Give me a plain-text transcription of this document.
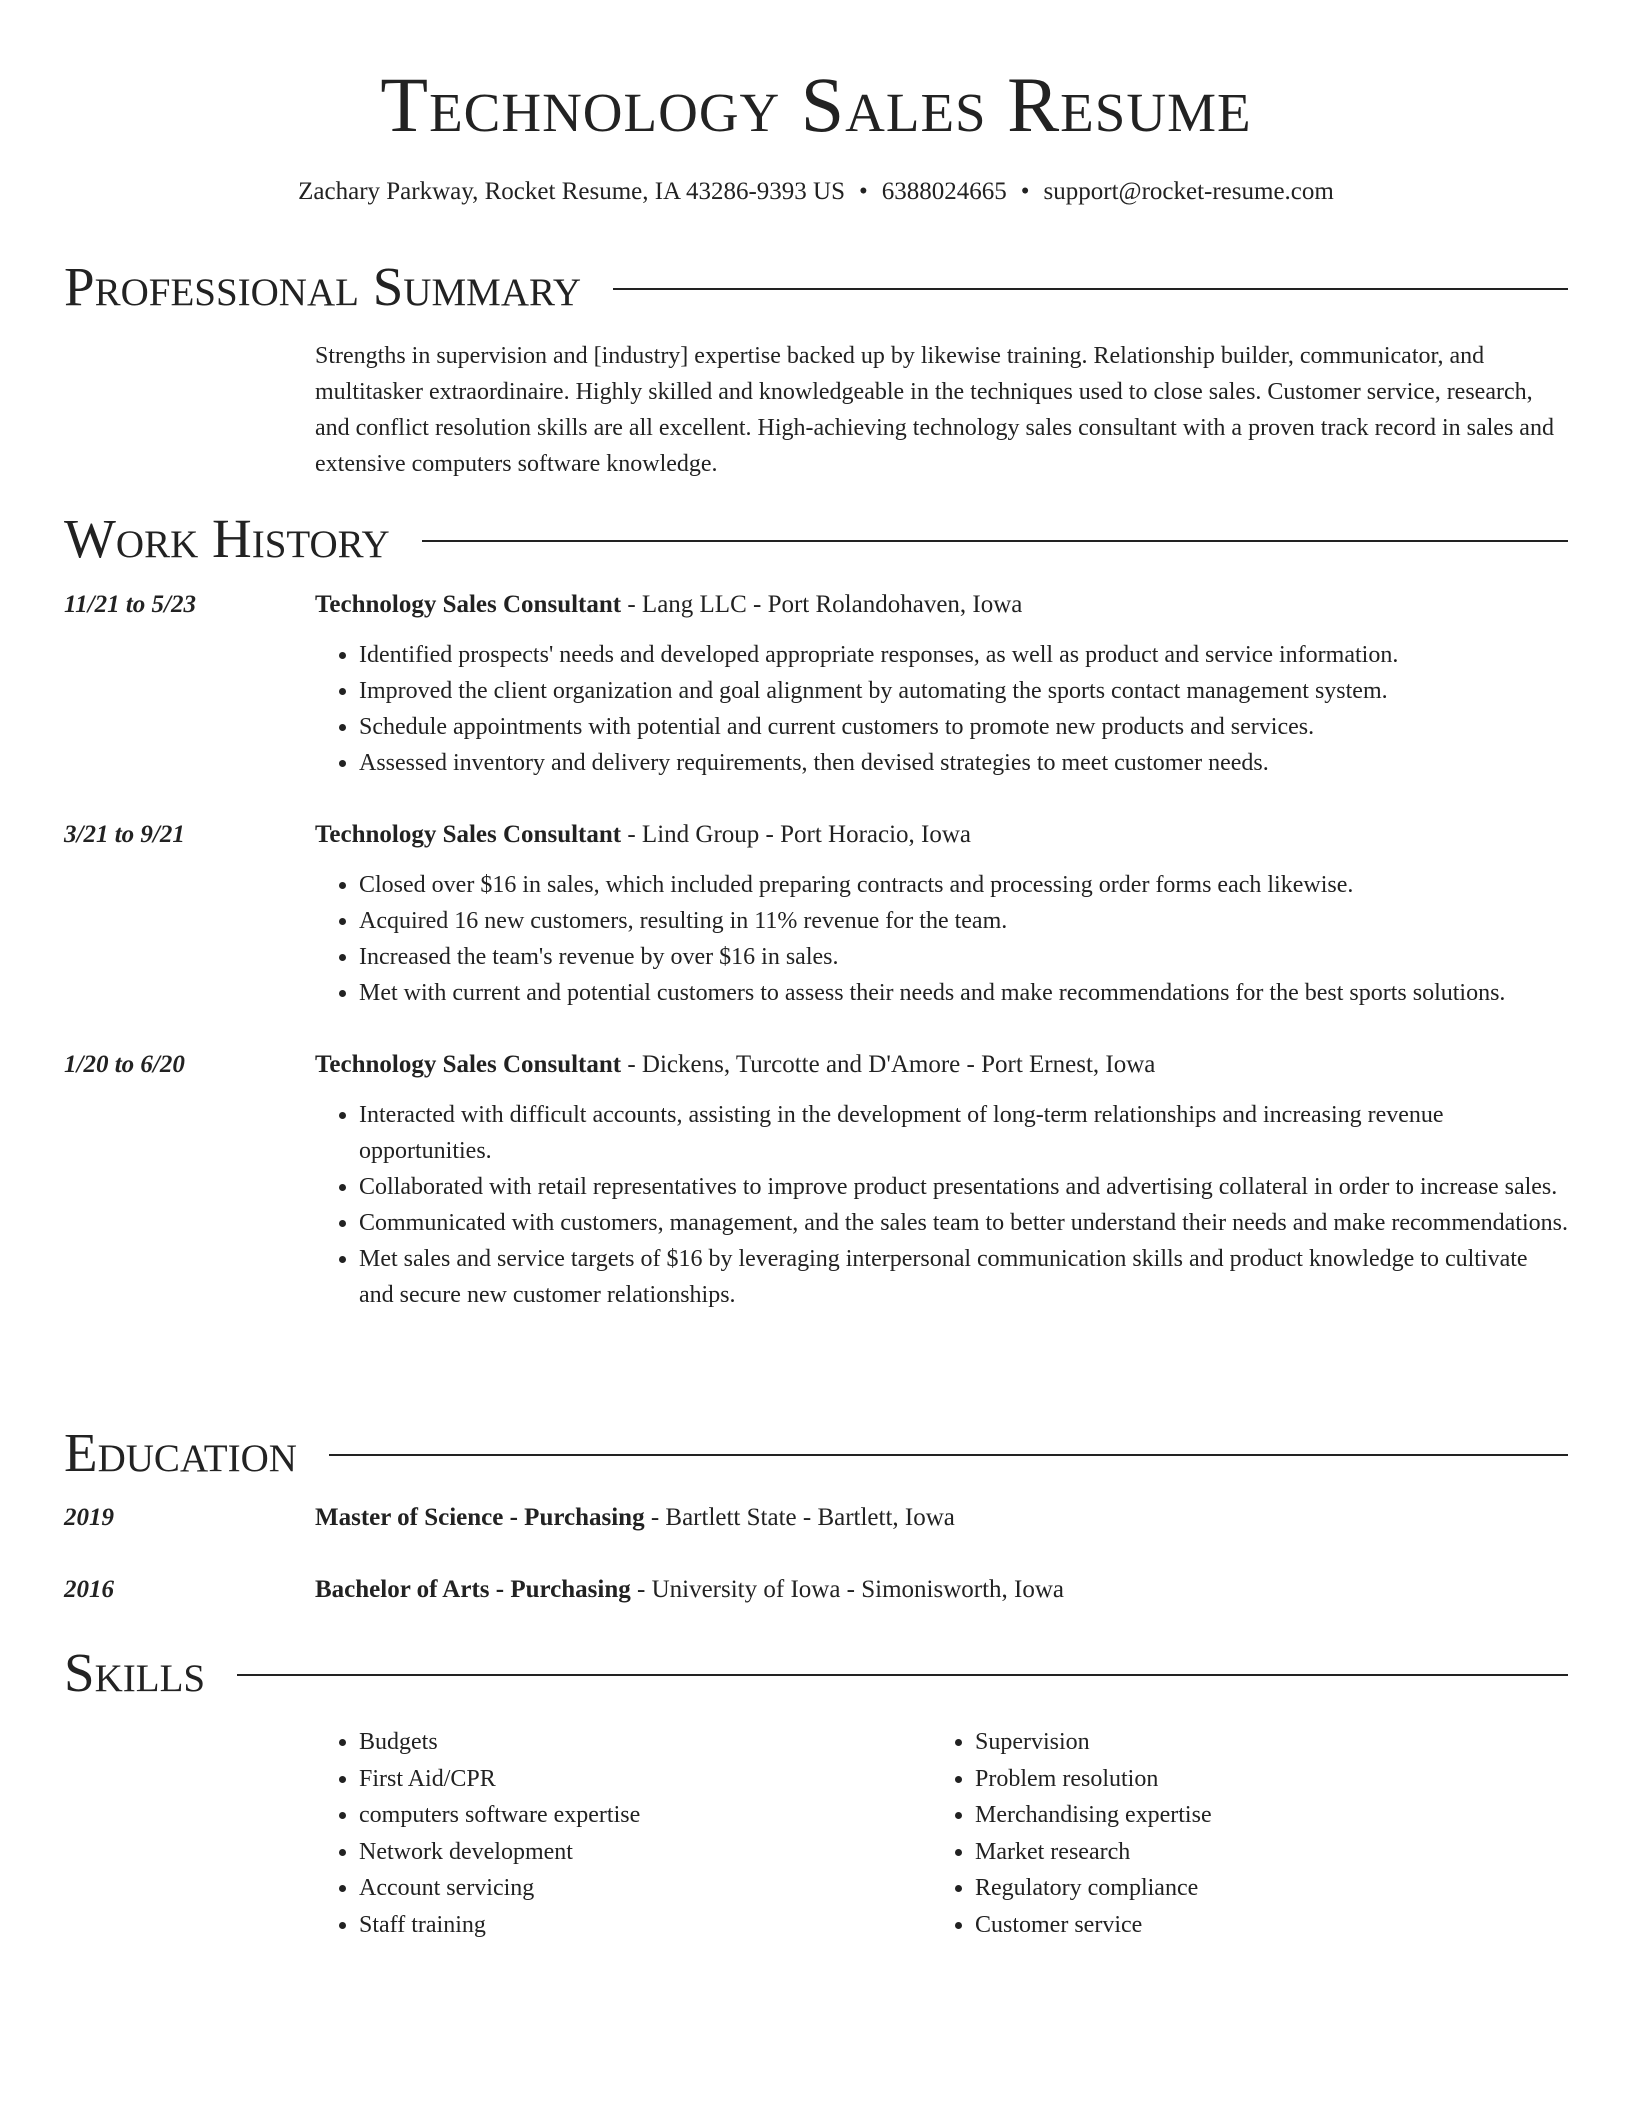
Technology Sales Resume
Zachary Parkway, Rocket Resume, IA 43286-9393 US • 6388024665 • support@rocket-resume.com
Professional Summary
Strengths in supervision and [industry] expertise backed up by likewise training. Relationship builder, communicator, and multitasker extraordinaire. Highly skilled and knowledgeable in the techniques used to close sales. Customer service, research, and conflict resolution skills are all excellent. High-achieving technology sales consultant with a proven track record in sales and extensive computers software knowledge.
Work History
11/21 to 5/23	Technology Sales Consultant - Lang LLC - Port Rolandohaven, Iowa
• Identified prospects' needs and developed appropriate responses, as well as product and service information.
• Improved the client organization and goal alignment by automating the sports contact management system.
• Schedule appointments with potential and current customers to promote new products and services.
• Assessed inventory and delivery requirements, then devised strategies to meet customer needs.
3/21 to 9/21	Technology Sales Consultant - Lind Group - Port Horacio, Iowa
• Closed over $16 in sales, which included preparing contracts and processing order forms each likewise.
• Acquired 16 new customers, resulting in 11% revenue for the team.
• Increased the team's revenue by over $16 in sales.
• Met with current and potential customers to assess their needs and make recommendations for the best sports solutions.
1/20 to 6/20	Technology Sales Consultant - Dickens, Turcotte and D'Amore - Port Ernest, Iowa
• Interacted with difficult accounts, assisting in the development of long-term relationships and increasing revenue opportunities.
• Collaborated with retail representatives to improve product presentations and advertising collateral in order to increase sales.
• Communicated with customers, management, and the sales team to better understand their needs and make recommendations.
• Met sales and service targets of $16 by leveraging interpersonal communication skills and product knowledge to cultivate and secure new customer relationships.
Education
2019	Master of Science - Purchasing - Bartlett State - Bartlett, Iowa
2016	Bachelor of Arts - Purchasing - University of Iowa - Simonisworth, Iowa
Skills
• Budgets
• First Aid/CPR
• computers software expertise
• Network development
• Account servicing
• Staff training
• Supervision
• Problem resolution
• Merchandising expertise
• Market research
• Regulatory compliance
• Customer service
